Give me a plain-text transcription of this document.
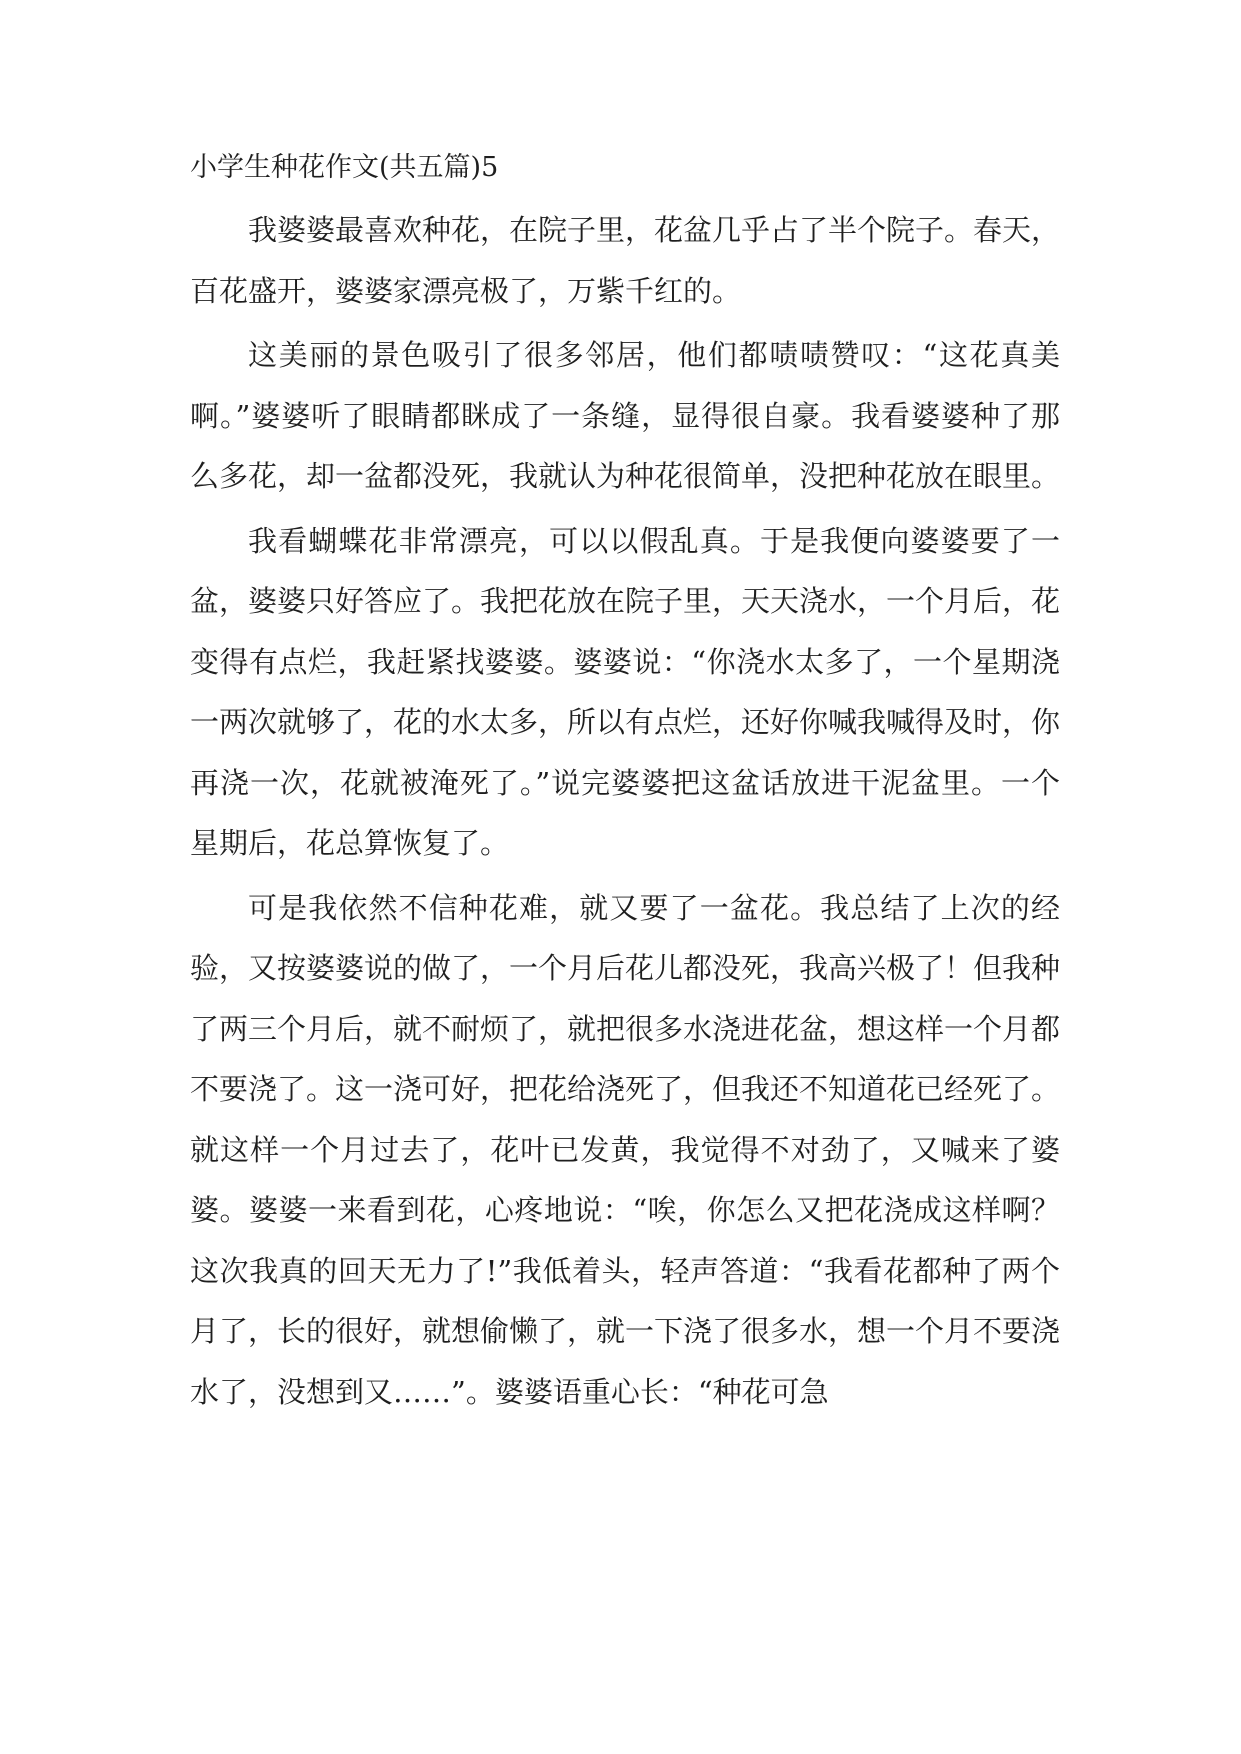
小学生种花作文(共五篇)5

我婆婆最喜欢种花，在院子里，花盆几乎占了半个院子。春天，百花盛开，婆婆家漂亮极了，万紫千红的。

这美丽的景色吸引了很多邻居，他们都啧啧赞叹：“这花真美啊。”婆婆听了眼睛都眯成了一条缝，显得很自豪。我看婆婆种了那么多花，却一盆都没死，我就认为种花很简单，没把种花放在眼里。

我看蝴蝶花非常漂亮，可以以假乱真。于是我便向婆婆要了一盆，婆婆只好答应了。我把花放在院子里，天天浇水，一个月后，花变得有点烂，我赶紧找婆婆。婆婆说：“你浇水太多了，一个星期浇一两次就够了，花的水太多，所以有点烂，还好你喊我喊得及时，你再浇一次，花就被淹死了。”说完婆婆把这盆话放进干泥盆里。一个星期后，花总算恢复了。

可是我依然不信种花难，就又要了一盆花。我总结了上次的经验，又按婆婆说的做了，一个月后花儿都没死，我高兴极了！但我种了两三个月后，就不耐烦了，就把很多水浇进花盆，想这样一个月都不要浇了。这一浇可好，把花给浇死了，但我还不知道花已经死了。就这样一个月过去了，花叶已发黄，我觉得不对劲了，又喊来了婆婆。婆婆一来看到花，心疼地说：“唉，你怎么又把花浇成这样啊？这次我真的回天无力了!”我低着头，轻声答道：“我看花都种了两个月了，长的很好，就想偷懒了，就一下浇了很多水，想一个月不要浇水了，没想到又……”。婆婆语重心长：“种花可急
